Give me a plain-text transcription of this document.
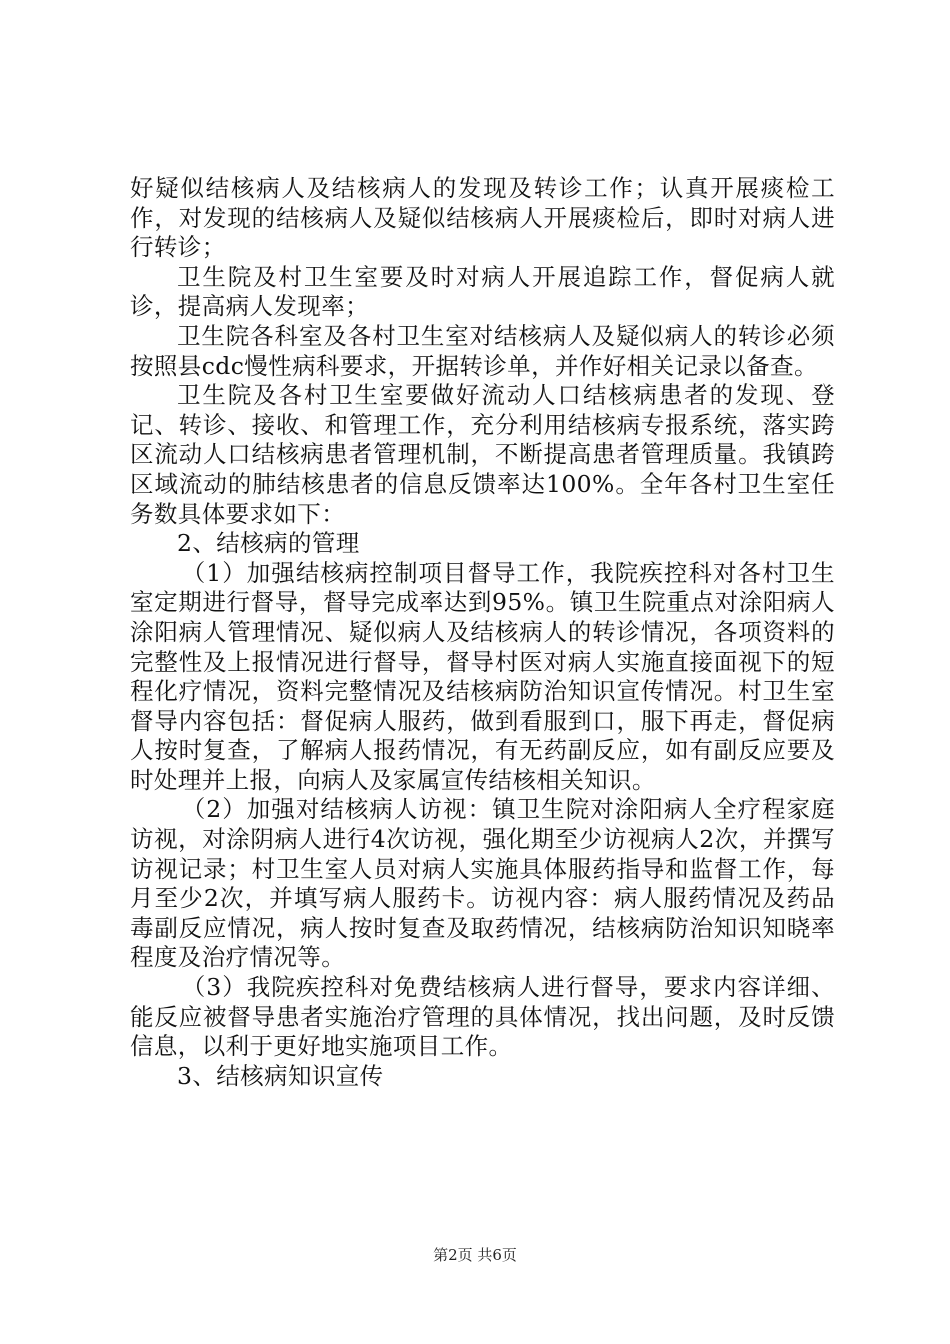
好疑似结核病人及结核病人的发现及转诊工作；认真开展痰检工作，对发现的结核病人及疑似结核病人开展痰检后，即时对病人进行转诊；

卫生院及村卫生室要及时对病人开展追踪工作，督促病人就诊，提高病人发现率；

卫生院各科室及各村卫生室对结核病人及疑似病人的转诊必须按照县cdc慢性病科要求，开据转诊单，并作好相关记录以备查。

卫生院及各村卫生室要做好流动人口结核病患者的发现、登记、转诊、接收、和管理工作，充分利用结核病专报系统，落实跨区流动人口结核病患者管理机制，不断提高患者管理质量。我镇跨区域流动的肺结核患者的信息反馈率达100%。全年各村卫生室任务数具体要求如下：

2、结核病的管理

（1）加强结核病控制项目督导工作，我院疾控科对各村卫生室定期进行督导，督导完成率达到95%。镇卫生院重点对涂阳病人涂阳病人管理情况、疑似病人及结核病人的转诊情况，各项资料的完整性及上报情况进行督导，督导村医对病人实施直接面视下的短程化疗情况，资料完整情况及结核病防治知识宣传情况。村卫生室督导内容包括：督促病人服药，做到看服到口，服下再走，督促病人按时复查，了解病人报药情况，有无药副反应，如有副反应要及时处理并上报，向病人及家属宣传结核相关知识。

（2）加强对结核病人访视：镇卫生院对涂阳病人全疗程家庭访视，对涂阴病人进行4次访视，强化期至少访视病人2次，并撰写访视记录；村卫生室人员对病人实施具体服药指导和监督工作，每月至少2次，并填写病人服药卡。访视内容：病人服药情况及药品毒副反应情况，病人按时复查及取药情况，结核病防治知识知晓率程度及治疗情况等。

（3）我院疾控科对免费结核病人进行督导，要求内容详细、能反应被督导患者实施治疗管理的具体情况，找出问题，及时反馈信息，以利于更好地实施项目工作。

3、结核病知识宣传

第2页 共6页
